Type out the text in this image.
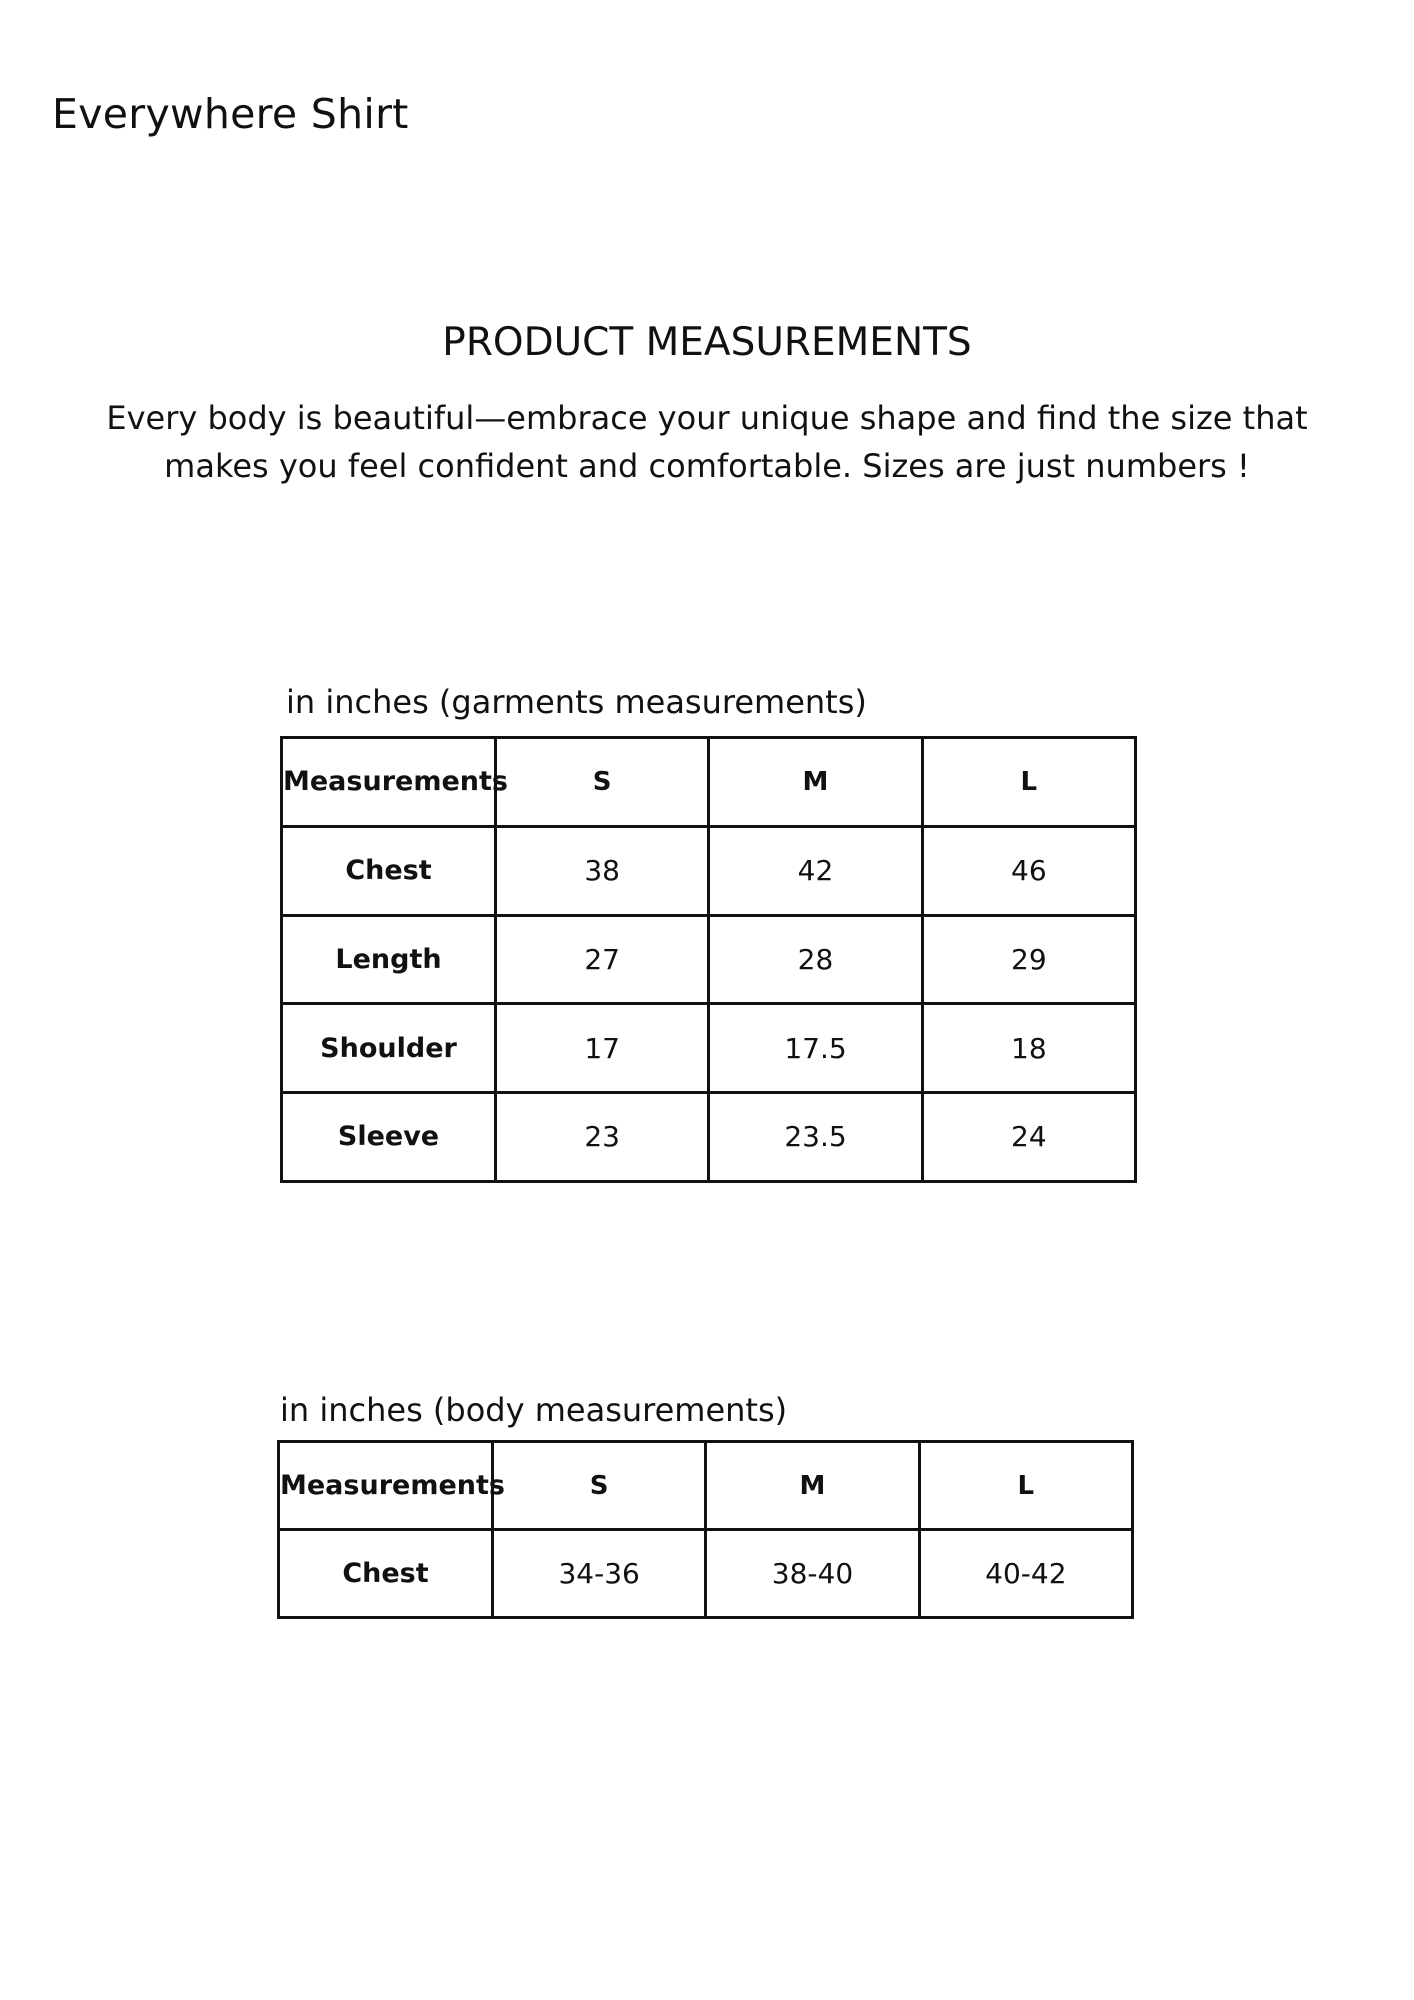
Everywhere Shirt
PRODUCT MEASUREMENTS

Every body is beautiful—embrace your unique shape and find the size that
makes you feel confident and comfortable. Sizes are just numbers !

in inches (garments measurements)

Measurements	S	M	L
Chest	38	42	46
Length	27	28	29
Shoulder	17	17.5	18
Sleeve	23	23.5	24

in inches (body measurements)

Measurements	S	M	L
Chest	34-36	38-40	40-42
